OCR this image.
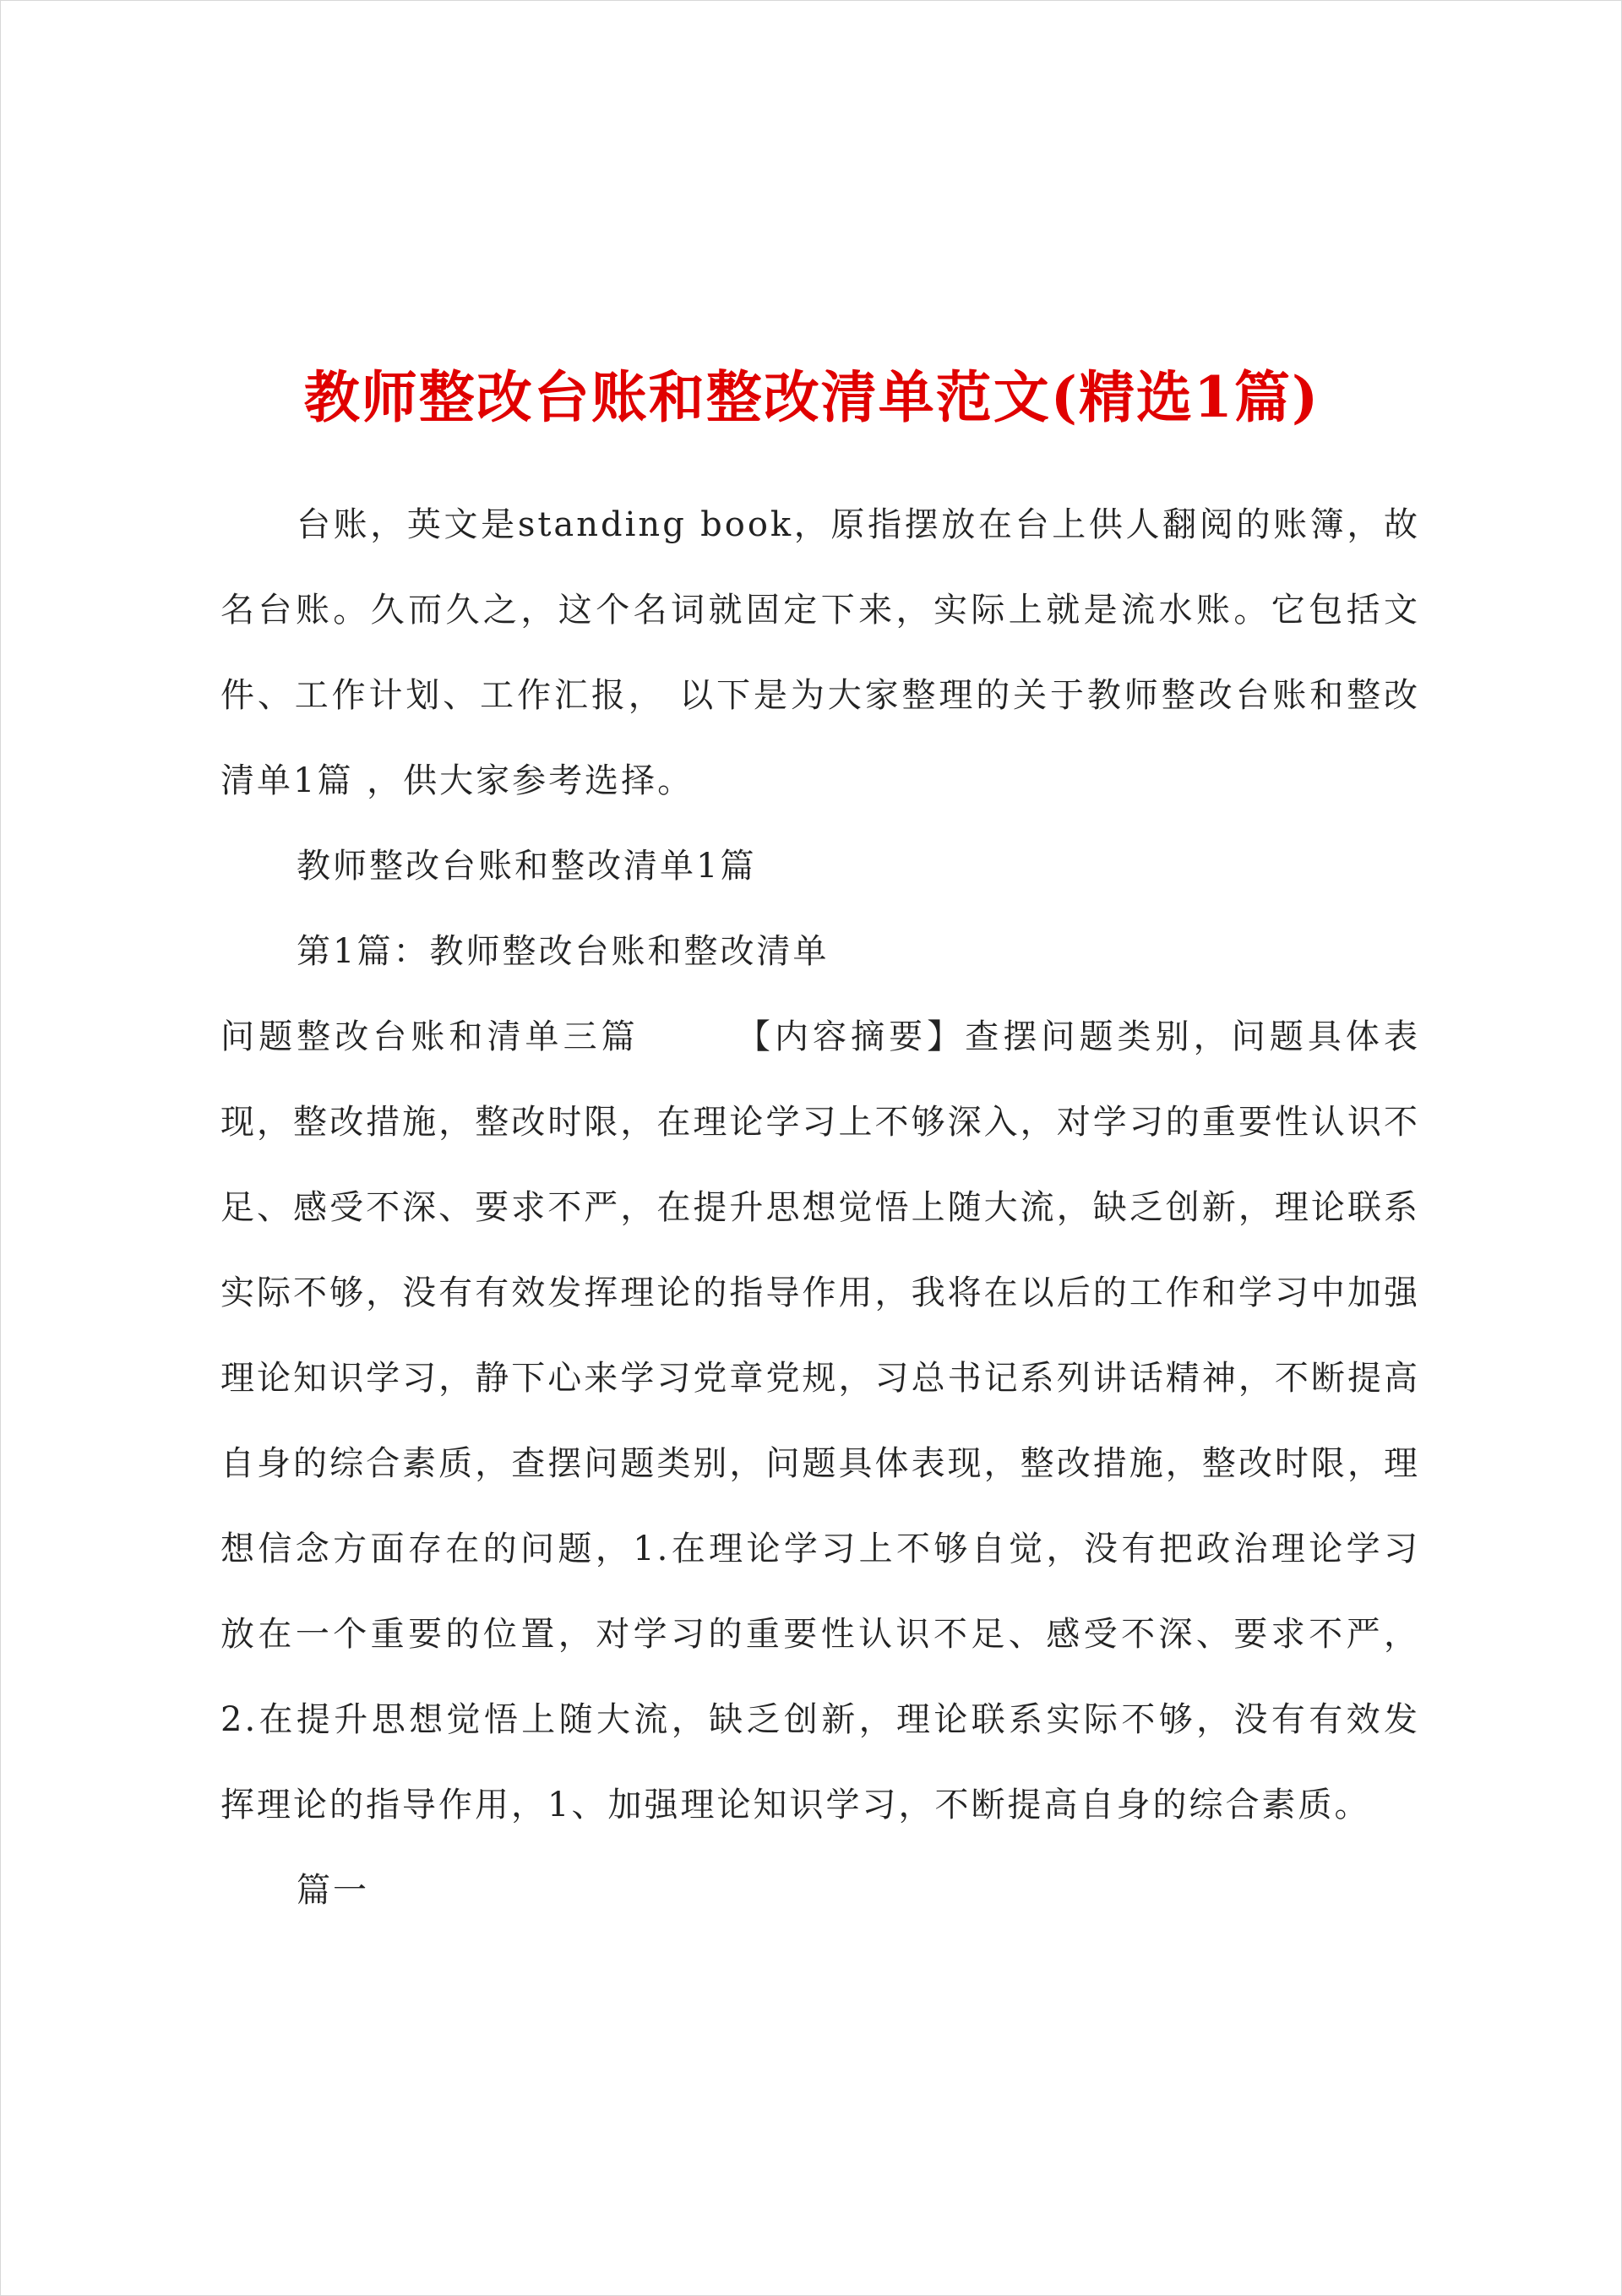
教师整改台账和整改清单范文(精选1篇)

台账，英文是standing book，原指摆放在台上供人翻阅的账簿，故名台账。久而久之，这个名词就固定下来，实际上就是流水账。它包括文件、工作计划、工作汇报， 以下是为大家整理的关于教师整改台账和整改清单1篇 ，供大家参考选择。

教师整改台账和整改清单1篇

第1篇：教师整改台账和整改清单

问题整改台账和清单三篇　　　【内容摘要】查摆问题类别，问题具体表现，整改措施，整改时限，在理论学习上不够深入，对学习的重要性认识不足、感受不深、要求不严，在提升思想觉悟上随大流，缺乏创新，理论联系实际不够，没有有效发挥理论的指导作用，我将在以后的工作和学习中加强理论知识学习，静下心来学习党章党规，习总书记系列讲话精神，不断提高自身的综合素质，查摆问题类别，问题具体表现，整改措施，整改时限，理想信念方面存在的问题，1.在理论学习上不够自觉，没有把政治理论学习放在一个重要的位置，对学习的重要性认识不足、感受不深、要求不严，2.在提升思想觉悟上随大流，缺乏创新，理论联系实际不够，没有有效发挥理论的指导作用，1、加强理论知识学习，不断提高自身的综合素质。

篇一
